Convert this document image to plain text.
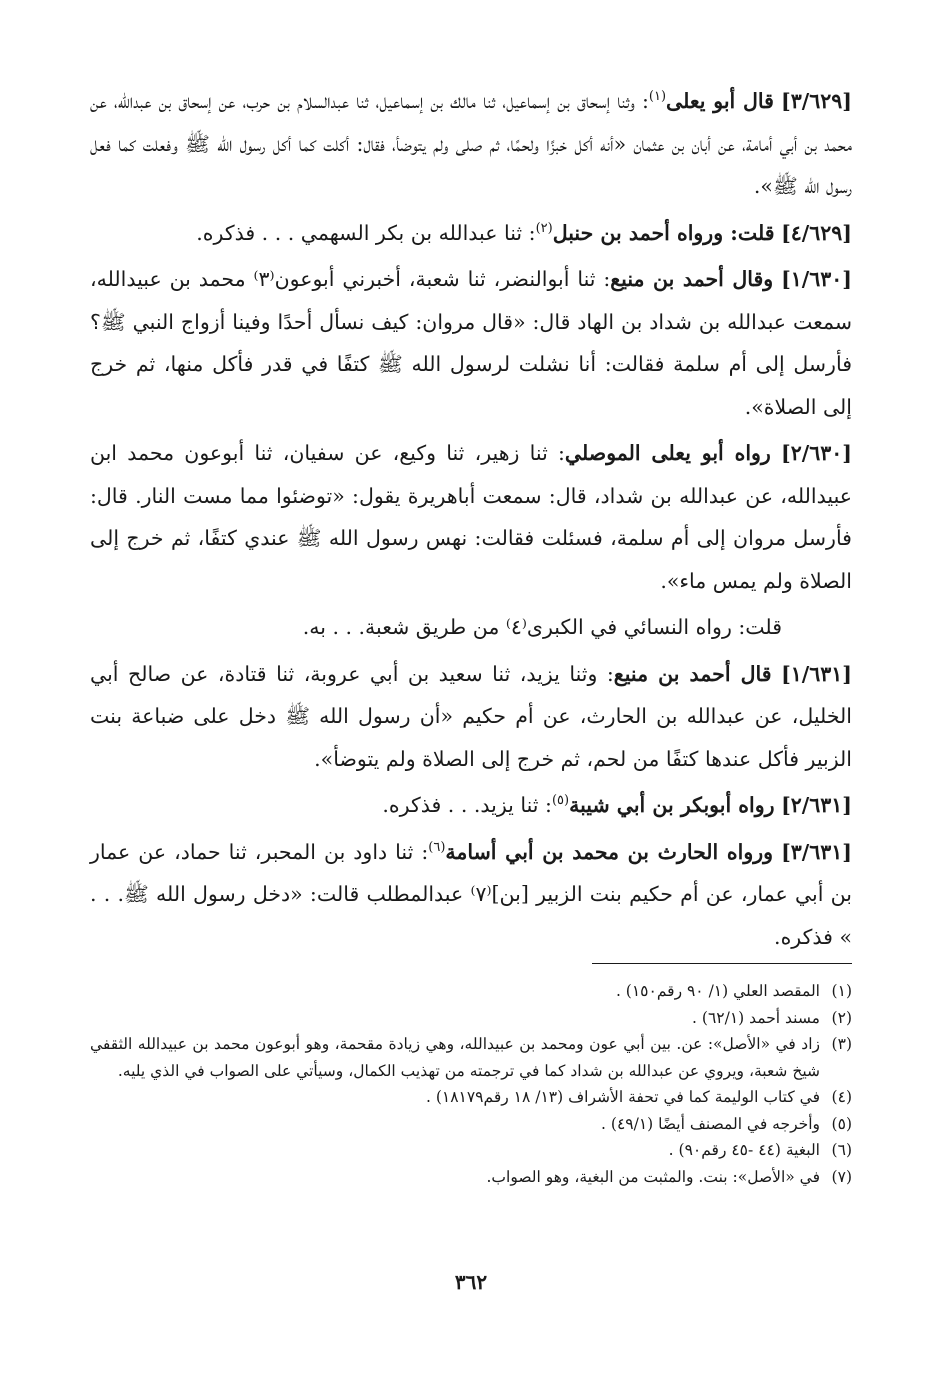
[٣/٦٢٩] قال أبو يعلى$^{(١)}$: وثنا إسحاق بن إسماعيل، ثنا مالك بن إسماعيل، ثنا عبدالسلام بن حرب، عن إسحاق بن عبدالله، عن محمد بن أبي أمامة، عن أبان بن عثمان «أنه أكل خبزًا ولحمًا، ثم صلى ولم يتوضأ، فقال: أكلت كما أكل رسول الله ﷺ وفعلت كما فعل رسول الله ﷺ».

[٤/٦٢٩] قلت: ورواه أحمد بن حنبل$^{(٢)}$: ثنا عبدالله بن بكر السهمي . . . فذكره.

[١/٦٣٠] وقال أحمد بن منيع: ثنا أبوالنضر، ثنا شعبة، أخبرني أبوعون⁽٣⁾ محمد بن عبيدالله، سمعت عبدالله بن شداد بن الهاد قال: «قال مروان: كيف نسأل أحدًا وفينا أزواج النبي ﷺ؟ فأرسل إلى أم سلمة فقالت: أنا نشلت لرسول الله ﷺ كتفًا في قدر فأكل منها، ثم خرج إلى الصلاة».

[٢/٦٣٠] رواه أبو يعلى الموصلي: ثنا زهير، ثنا وكيع، عن سفيان، ثنا أبوعون محمد ابن عبيدالله، عن عبدالله بن شداد، قال: سمعت أباهريرة يقول: «توضئوا مما مست النار. قال: فأرسل مروان إلى أم سلمة، فسئلت فقالت: نهس رسول الله ﷺ عندي كتفًا، ثم خرج إلى الصلاة ولم يمس ماء».

قلت: رواه النسائي في الكبرى⁽٤⁾ من طريق شعبة. . . به.

[١/٦٣١] قال أحمد بن منيع: وثنا يزيد، ثنا سعيد بن أبي عروبة، ثنا قتادة، عن صالح أبي الخليل، عن عبدالله بن الحارث، عن أم حكيم «أن رسول الله ﷺ دخل على ضباعة بنت الزبير فأكل عندها كتفًا من لحم، ثم خرج إلى الصلاة ولم يتوضأ».

[٢/٦٣١] رواه أبوبكر بن أبي شيبة$^{(٥)}$: ثنا يزيد. . . فذكره.

[٣/٦٣١] ورواه الحارث بن محمد بن أبي أسامة$^{(٦)}$: ثنا داود بن المحبر، ثنا حماد، عن عمار بن أبي عمار، عن أم حكيم بنت الزبير [بن]⁽٧⁾ عبدالمطلب قالت: «دخل رسول الله ﷺ. . . » فذكره.

(١)
المقصد العلي (١/ ٩٠ رقم١٥٠) .
(٢)
مسند أحمد (٦٢/١) .
(٣)
زاد في «الأصل»: عن. بين أبي عون ومحمد بن عبيدالله، وهي زيادة مقحمة، وهو أبوعون محمد بن عبيدالله الثقفي شيخ شعبة، ويروي عن عبدالله بن شداد كما في ترجمته من تهذيب الكمال، وسيأتي على الصواب في الذي يليه.
(٤)
في كتاب الوليمة كما في تحفة الأشراف (١٣/ ١٨ رقم١٨١٧٩) .
(٥)
وأخرجه في المصنف أيضًا (٤٩/١) .
(٦)
البغية (٤٤ -٤٥ رقم٩٠) .
(٧)
في «الأصل»: بنت. والمثبت من البغية، وهو الصواب.
٣٦٢
